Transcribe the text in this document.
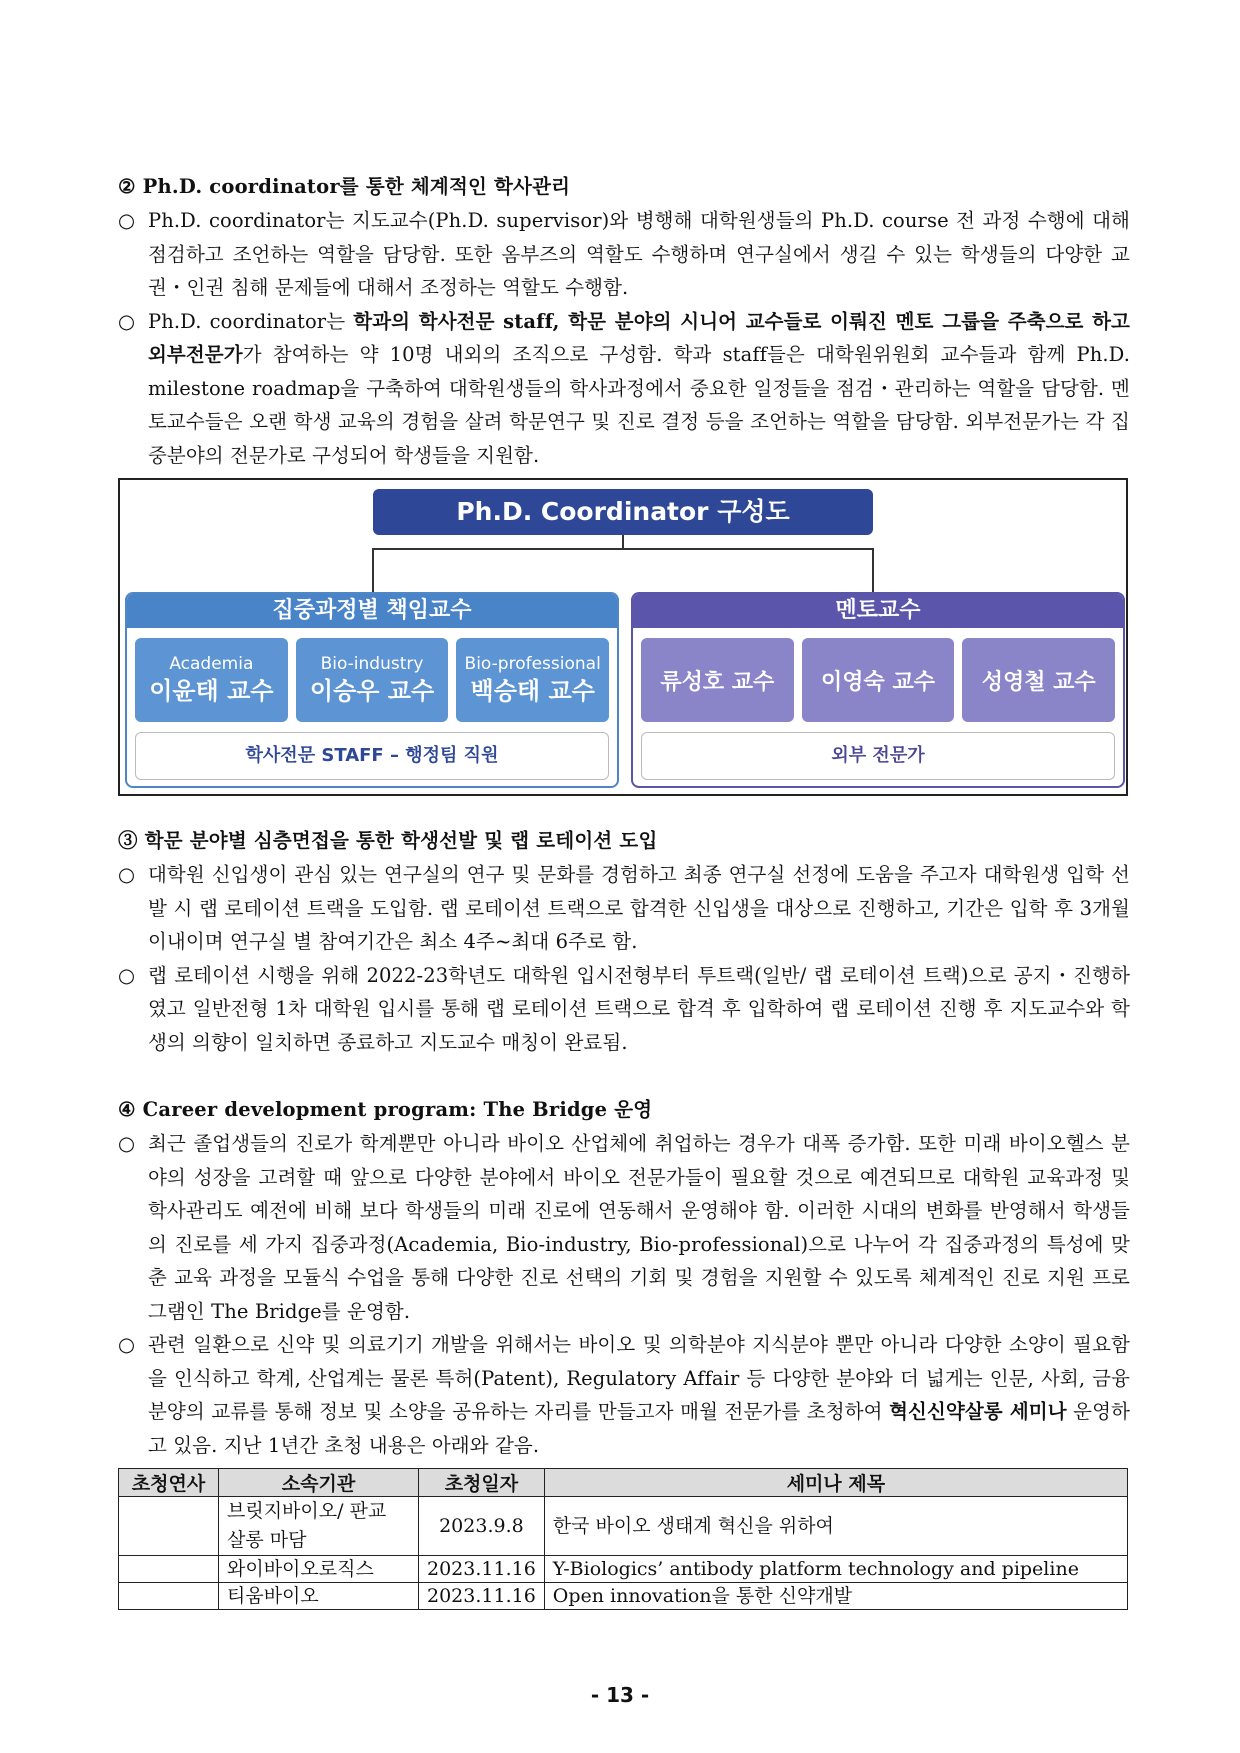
② Ph.D. coordinator를 통한 체계적인 학사관리

○ Ph.D. coordinator는 지도교수(Ph.D. supervisor)와 병행해 대학원생들의 Ph.D. course 전 과정 수행에 대해 점검하고 조언하는 역할을 담당함. 또한 옴부즈의 역할도 수행하며 연구실에서 생길 수 있는 학생들의 다양한 교권・인권 침해 문제들에 대해서 조정하는 역할도 수행함.
○ Ph.D. coordinator는 학과의 학사전문 staff, 학문 분야의 시니어 교수들로 이뤄진 멘토 그룹을 주축으로 하고 외부전문가가 참여하는 약 10명 내외의 조직으로 구성함. 학과 staff들은 대학원위원회 교수들과 함께 Ph.D. milestone roadmap을 구축하여 대학원생들의 학사과정에서 중요한 일정들을 점검・관리하는 역할을 담당함. 멘토교수들은 오랜 학생 교육의 경험을 살려 학문연구 및 진로 결정 등을 조언하는 역할을 담당함. 외부전문가는 각 집중분야의 전문가로 구성되어 학생들을 지원함.
Ph.D. Coordinator 구성도
집중과정별 책임교수
Academia
이윤태 교수
Bio-industry
이승우 교수
Bio-professional
백승태 교수
학사전문 STAFF – 행정팀 직원
멘토교수
류성호 교수 이영숙 교수 성영철 교수
외부 전문가

③ 학문 분야별 심층면접을 통한 학생선발 및 랩 로테이션 도입

○ 대학원 신입생이 관심 있는 연구실의 연구 및 문화를 경험하고 최종 연구실 선정에 도움을 주고자 대학원생 입학 선발 시 랩 로테이션 트랙을 도입함. 랩 로테이션 트랙으로 합격한 신입생을 대상으로 진행하고, 기간은 입학 후 3개월 이내이며 연구실 별 참여기간은 최소 4주~최대 6주로 함.
○ 랩 로테이션 시행을 위해 2022-23학년도 대학원 입시전형부터 투트랙(일반/ 랩 로테이션 트랙)으로 공지・진행하였고 일반전형 1차 대학원 입시를 통해 랩 로테이션 트랙으로 합격 후 입학하여 랩 로테이션 진행 후 지도교수와 학생의 의향이 일치하면 종료하고 지도교수 매칭이 완료됨.

④ Career development program: The Bridge 운영

○ 최근 졸업생들의 진로가 학계뿐만 아니라 바이오 산업체에 취업하는 경우가 대폭 증가함. 또한 미래 바이오헬스 분야의 성장을 고려할 때 앞으로 다양한 분야에서 바이오 전문가들이 필요할 것으로 예견되므로 대학원 교육과정 및 학사관리도 예전에 비해 보다 학생들의 미래 진로에 연동해서 운영해야 함. 이러한 시대의 변화를 반영해서 학생들의 진로를 세 가지 집중과정(Academia, Bio-industry, Bio-professional)으로 나누어 각 집중과정의 특성에 맞춘 교육 과정을 모듈식 수업을 통해 다양한 진로 선택의 기회 및 경험을 지원할 수 있도록 체계적인 진로 지원 프로그램인 The Bridge를 운영함.
○ 관련 일환으로 신약 및 의료기기 개발을 위해서는 바이오 및 의학분야 지식분야 뿐만 아니라 다양한 소양이 필요함을 인식하고 학계, 산업계는 물론 특허(Patent), Regulatory Affair 등 다양한 분야와 더 넓게는 인문, 사회, 금융 분양의 교류를 통해 정보 및 소양을 공유하는 자리를 만들고자 매월 전문가를 초청하여 혁신신약살롱 세미나 운영하고 있음. 지난 1년간 초청 내용은 아래와 같음.
초청연사	소속기관	초청일자	세미나 제목
	브릿지바이오/ 판교 살롱 마담	2023.9.8	한국 바이오 생태계 혁신을 위하여
	와이바이오로직스	2023.11.16	Y-Biologics’ antibody platform technology and pipeline
	티움바이오	2023.11.16	Open innovation을 통한 신약개발
- 13 -
